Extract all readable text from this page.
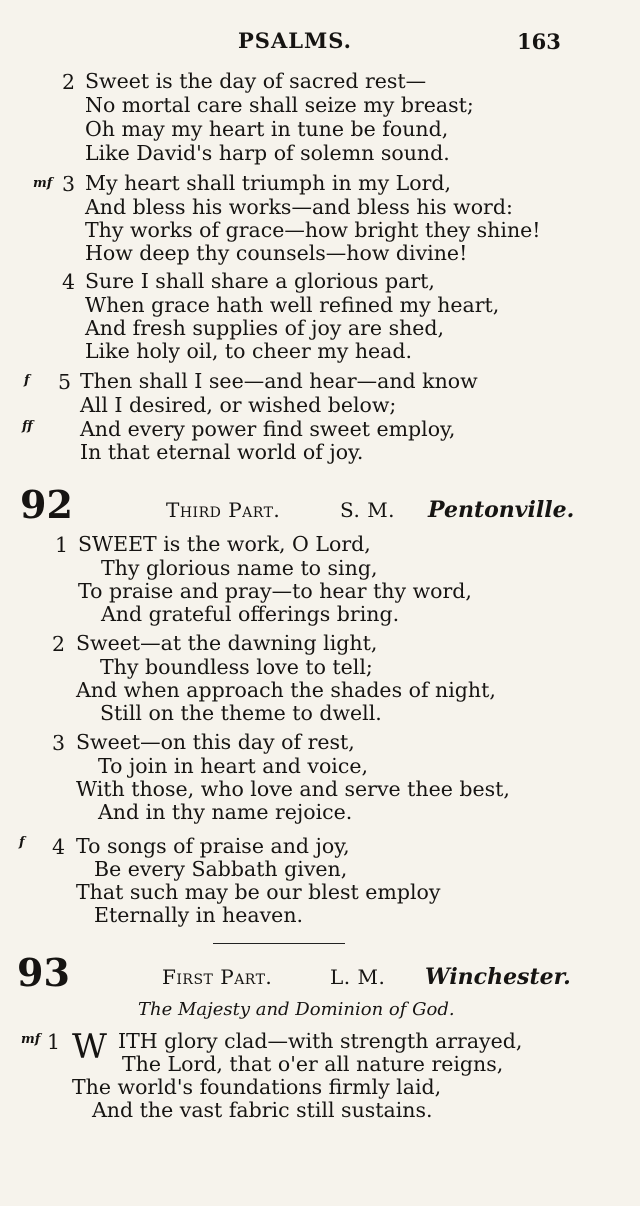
PSALMS.	163
2 Sweet is the day of sacred rest—
No mortal care shall seize my breast;
Oh may my heart in tune be found,
Like David's harp of solemn sound.
mf 3 My heart shall triumph in my Lord,
And bless his works—and bless his word:
Thy works of grace—how bright they shine!
How deep thy counsels—how divine!
4 Sure I shall share a glorious part,
When grace hath well refined my heart,
And fresh supplies of joy are shed,
Like holy oil, to cheer my head.
f 5 Then shall I see—and hear—and know
All I desired, or wished below;
ff And every power find sweet employ,
In that eternal world of joy.
92	Third Part.	S. M. Pentonville.
1 SWEET is the work, O Lord,
Thy glorious name to sing,
To praise and pray—to hear thy word,
And grateful offerings bring.
2 Sweet—at the dawning light,
Thy boundless love to tell;
And when approach the shades of night,
Still on the theme to dwell.
3 Sweet—on this day of rest,
To join in heart and voice,
With those, who love and serve thee best,
And in thy name rejoice.
f 4 To songs of praise and joy,
Be every Sabbath given,
That such may be our blest employ
Eternally in heaven.
93	First Part.	L. M. Winchester.
The Majesty and Dominion of God.
mf 1 W ITH glory clad—with strength arrayed,
The Lord, that o'er all nature reigns,
The world's foundations firmly laid,
And the vast fabric still sustains.
